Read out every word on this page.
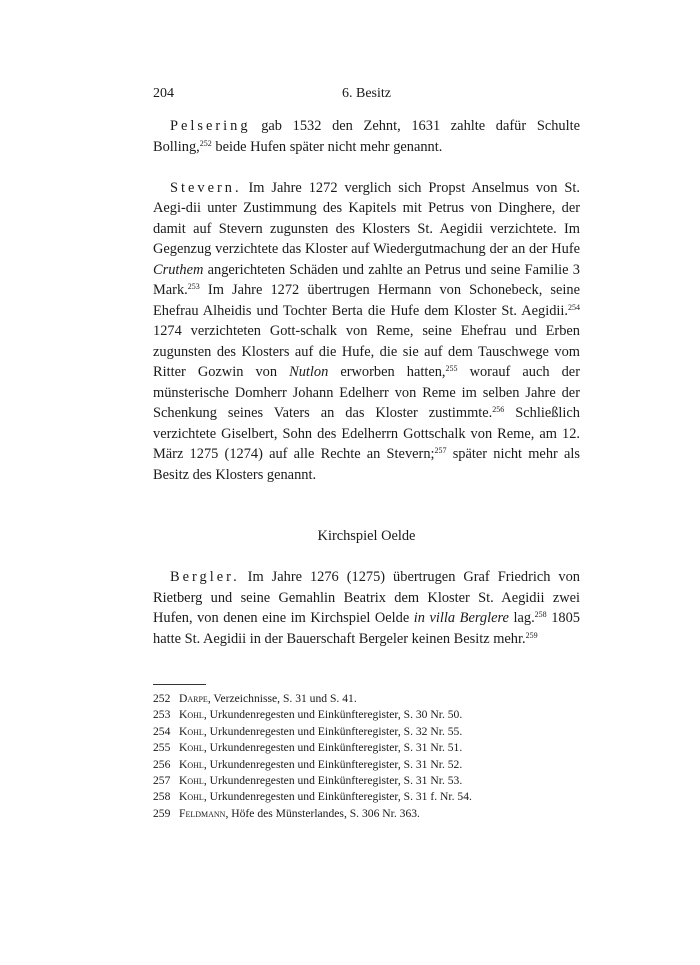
204	6. Besitz

Pelsering gab 1532 den Zehnt, 1631 zahlte dafür Schulte Bolling,$^{252}$ beide Hufen später nicht mehr genannt.

Stevern. Im Jahre 1272 verglich sich Propst Anselmus von St. Aegi-dii unter Zustimmung des Kapitels mit Petrus von Dinghere, der damit auf Stevern zugunsten des Klosters St. Aegidii verzichtete. Im Gegenzug verzichtete das Kloster auf Wiedergutmachung der an der Hufe Cruthem angerichteten Schäden und zahlte an Petrus und seine Familie 3 Mark.$^{253}$ Im Jahre 1272 übertrugen Hermann von Schonebeck, seine Ehefrau Alheidis und Tochter Berta die Hufe dem Kloster St. Aegidii.$^{254}$ 1274 verzichteten Gott-schalk von Reme, seine Ehefrau und Erben zugunsten des Klosters auf die Hufe, die sie auf dem Tauschwege vom Ritter Gozwin von Nutlon erworben hatten,$^{255}$ worauf auch der münsterische Domherr Johann Edelherr von Reme im selben Jahre der Schenkung seines Vaters an das Kloster zustimmte.$^{256}$ Schließlich verzichtete Giselbert, Sohn des Edelherrn Gottschalk von Reme, am 12. März 1275 (1274) auf alle Rechte an Stevern;$^{257}$ später nicht mehr als Besitz des Klosters genannt.

Kirchspiel Oelde

Bergler. Im Jahre 1276 (1275) übertrugen Graf Friedrich von Rietberg und seine Gemahlin Beatrix dem Kloster St. Aegidii zwei Hufen, von denen eine im Kirchspiel Oelde in villa Berglere lag.$^{258}$ 1805 hatte St. Aegidii in der Bauerschaft Bergeler keinen Besitz mehr.$^{259}$

252 Darpe, Verzeichnisse, S. 31 und S. 41.
253 Kohl, Urkundenregesten und Einkünfteregister, S. 30 Nr. 50.
254 Kohl, Urkundenregesten und Einkünfteregister, S. 32 Nr. 55.
255 Kohl, Urkundenregesten und Einkünfteregister, S. 31 Nr. 51.
256 Kohl, Urkundenregesten und Einkünfteregister, S. 31 Nr. 52.
257 Kohl, Urkundenregesten und Einkünfteregister, S. 31 Nr. 53.
258 Kohl, Urkundenregesten und Einkünfteregister, S. 31 f. Nr. 54.
259 Feldmann, Höfe des Münsterlandes, S. 306 Nr. 363.
